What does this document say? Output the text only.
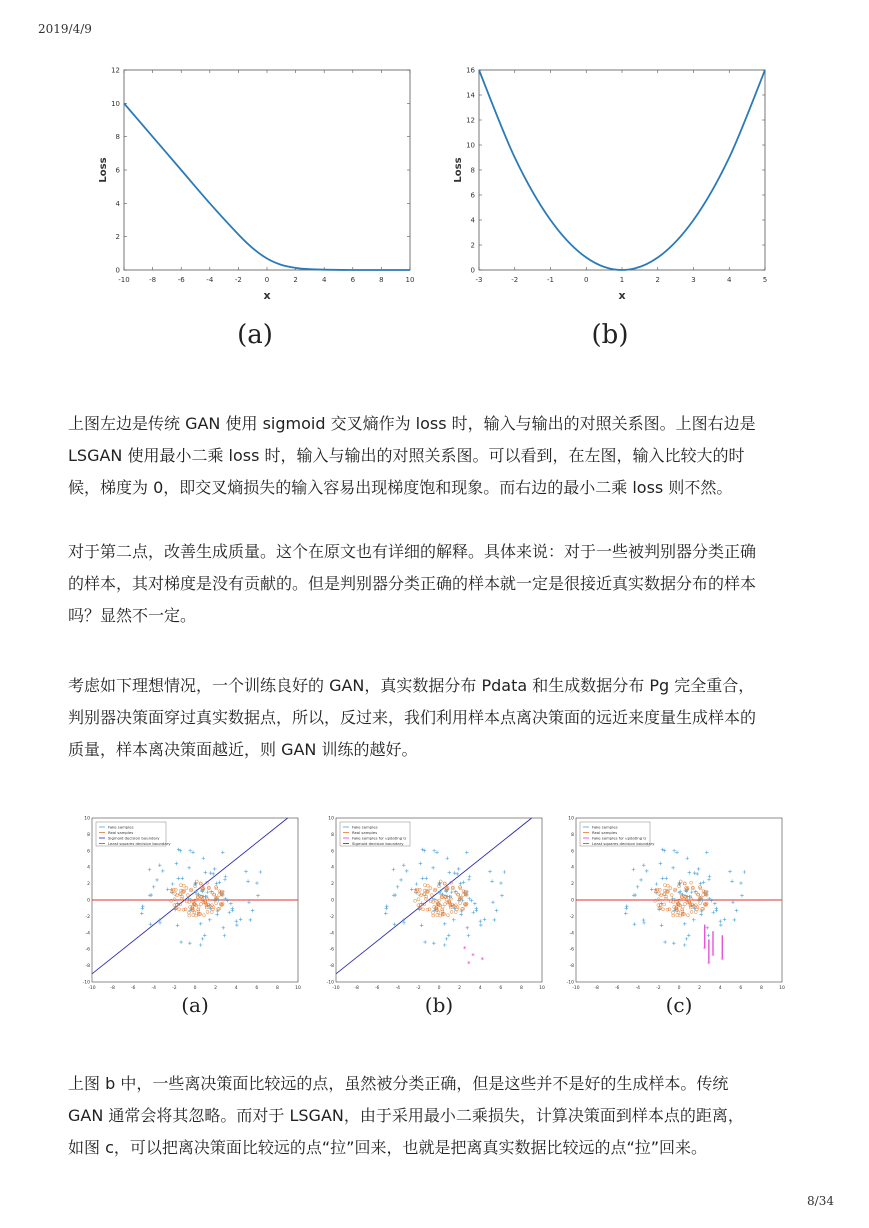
2019/4/9
-10	-8	-6	-4	-2	0	2	4	6	8	10
0
2
4
6
8
10
12
x
Loss
(a)
-3	-2	-1	0	1	2	3	4	5
0
2
4
6
8
10
12
14
16
x
Loss
(b)
上图左边是传统 GAN 使用 sigmoid 交叉熵作为 loss 时，输入与输出的对照关系图。上图右边是
LSGAN 使用最小二乘 loss 时，输入与输出的对照关系图。可以看到，在左图，输入比较大的时
候，梯度为 0，即交叉熵损失的输入容易出现梯度饱和现象。而右边的最小二乘 loss 则不然。
对于第二点，改善生成质量。这个在原文也有详细的解释。具体来说：对于一些被判别器分类正确
的样本，其对梯度是没有贡献的。但是判别器分类正确的样本就一定是很接近真实数据分布的样本
吗？显然不一定。
考虑如下理想情况，一个训练良好的 GAN，真实数据分布 Pdata 和生成数据分布 Pg 完全重合，
判别器决策面穿过真实数据点，所以，反过来，我们利用样本点离决策面的远近来度量生成样本的
质量，样本离决策面越近，则 GAN 训练的越好。
-10	-8	-6	-4	-2	0	2	4	6	8	10
10
8
6
4
2
0
-2
-4
-6
-8
-10
Fake samples
Real samples
Sigmoid decision boundary
Least squares decision boundary
(a)
-10	-8	-6	-4	-2	0	2	4	6	8	10
10
8
6
4
2
0
-2
-4
-6
-8
-10
*
*
*
*
Fake samples
Real samples
Fake samples for updating G
Sigmoid decision boundary
(b)
-10	-8	-6	-4	-2	0	2	4	6	8	10
10
8
6
4
2
0
-2
-4
-6
-8
-10
*
*
*
*
Fake samples
Real samples
Fake samples for updating G
Least squares decision boundary
(c)
上图 b 中，一些离决策面比较远的点，虽然被分类正确，但是这些并不是好的生成样本。传统
GAN 通常会将其忽略。而对于 LSGAN，由于采用最小二乘损失，计算决策面到样本点的距离，
如图 c，可以把离决策面比较远的点“拉”回来，也就是把离真实数据比较远的点“拉”回来。
8/34
